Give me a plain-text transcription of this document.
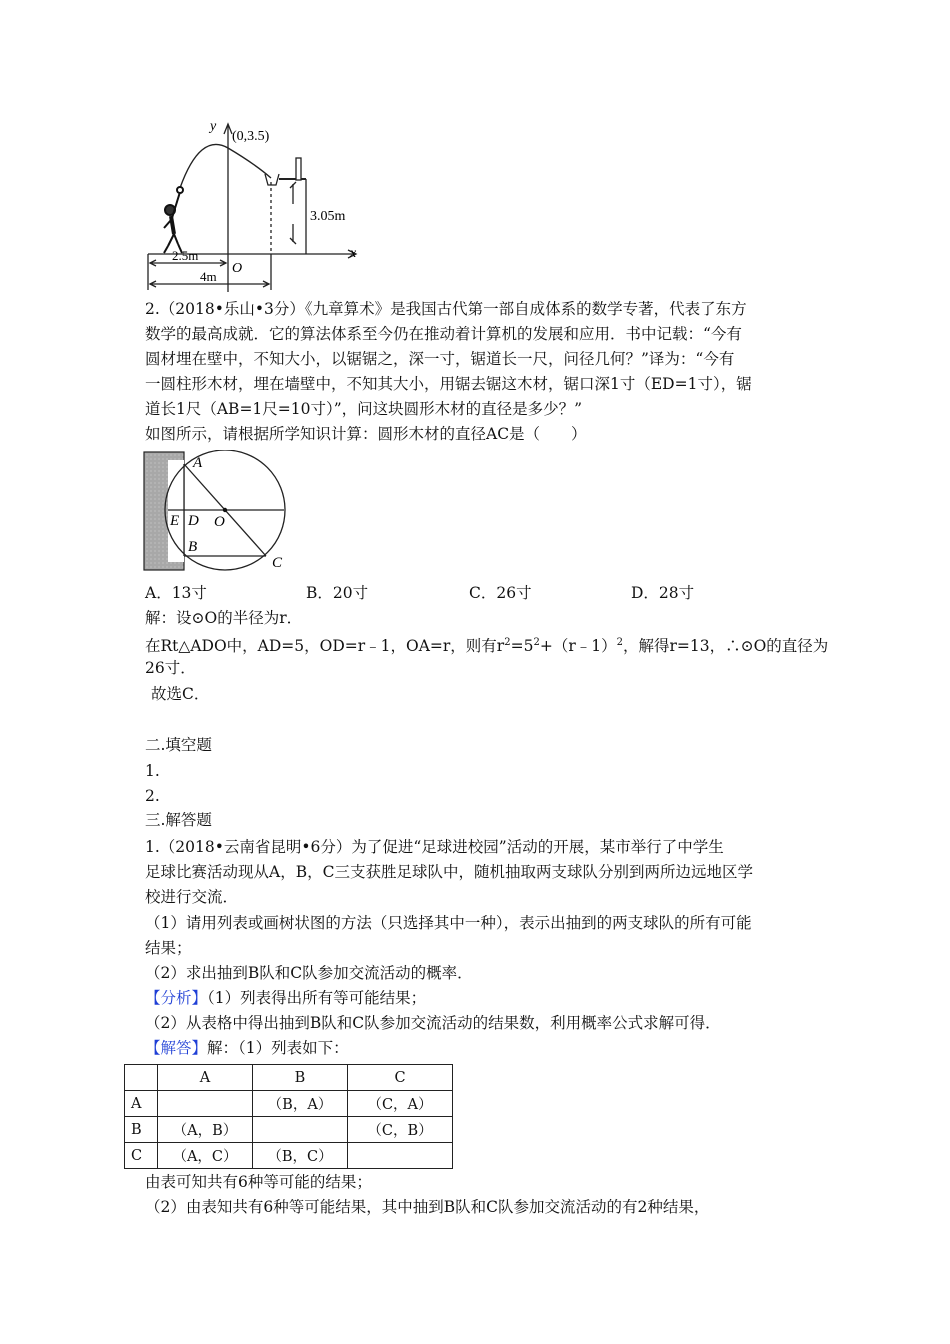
y
(0,3.5)
3.05m
x
O
2.5m
4m
2.（2018•乐山•3分）《九章算术》是我国古代第一部自成体系的数学专著，代表了东方
数学的最高成就．它的算法体系至今仍在推动着计算机的发展和应用．书中记载：“今有
圆材埋在壁中，不知大小，以锯锯之，深一寸，锯道长一尺，问径几何？”译为：“今有
一圆柱形木材，埋在墙壁中，不知其大小，用锯去锯这木材，锯口深1寸（ED=1寸），锯
道长1尺（AB=1尺=10寸）”，问这块圆形木材的直径是多少？”
如图所示，请根据所学知识计算：圆形木材的直径AC是（　　）
A
E D O
B
C
A．13寸	B．20寸	C．26寸	D．28寸
解：设⊙O的半径为r．
在Rt△ADO中，AD=5，OD=r﹣1，OA=r，则有$r^2=5^2+(r﹣1)^2$，解得r=13，∴⊙O的直径为
26寸．
故选C．
二.填空题
1.
2.
三.解答题
1.（2018•云南省昆明•6分）为了促进“足球进校园”活动的开展，某市举行了中学生
足球比赛活动现从A，B，C三支获胜足球队中，随机抽取两支球队分别到两所边远地区学
校进行交流．
（1）请用列表或画树状图的方法（只选择其中一种），表示出抽到的两支球队的所有可能
结果；
（2）求出抽到B队和C队参加交流活动的概率．
【分析】（1）列表得出所有等可能结果；
（2）从表格中得出抽到B队和C队参加交流活动的结果数，利用概率公式求解可得．
【解答】解：（1）列表如下：
	A	B	C
A		（B，A）	（C，A）
B	（A，B）		（C，B）
C	（A，C）	（B，C）	
由表可知共有6种等可能的结果；
（2）由表知共有6种等可能结果，其中抽到B队和C队参加交流活动的有2种结果，
